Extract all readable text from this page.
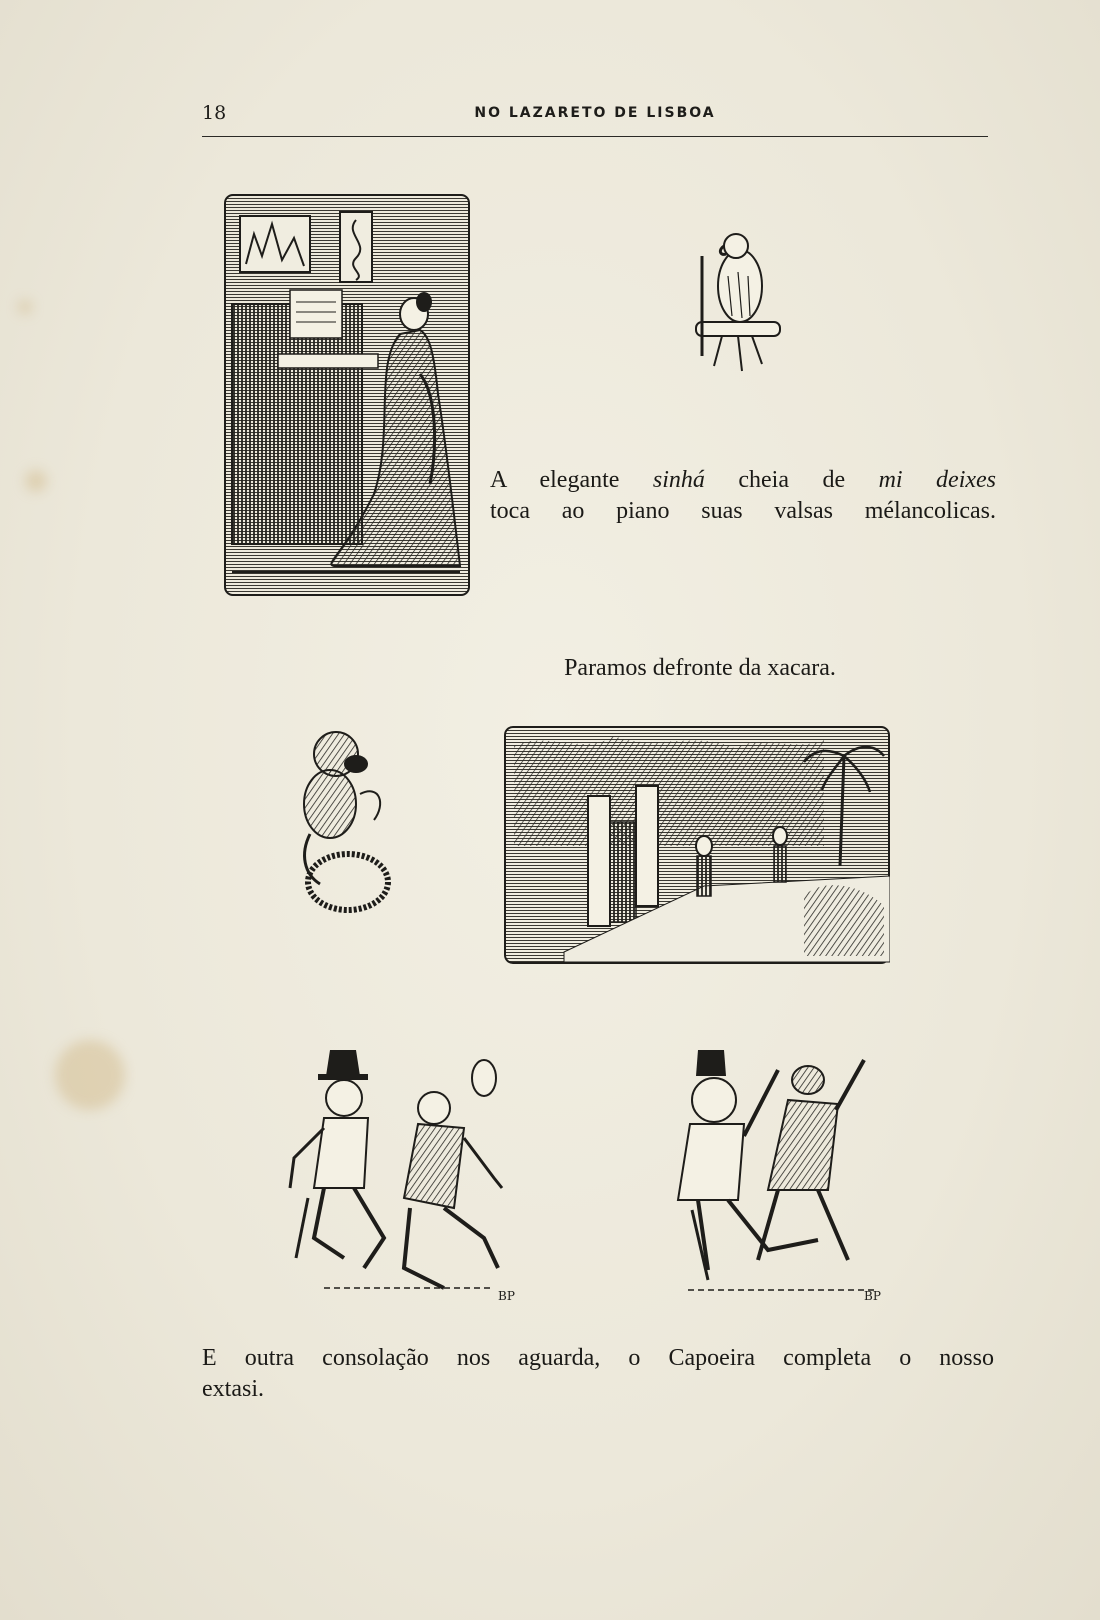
18	NO LAZARETO DE LISBOA
A elegante sinhá cheia de mi deixes
toca ao piano suas valsas mélancolicas.
Paramos defronte da xacara.
BP	BP
E outra consolação nos aguarda, o Capoeira completa o nosso
extasi.
